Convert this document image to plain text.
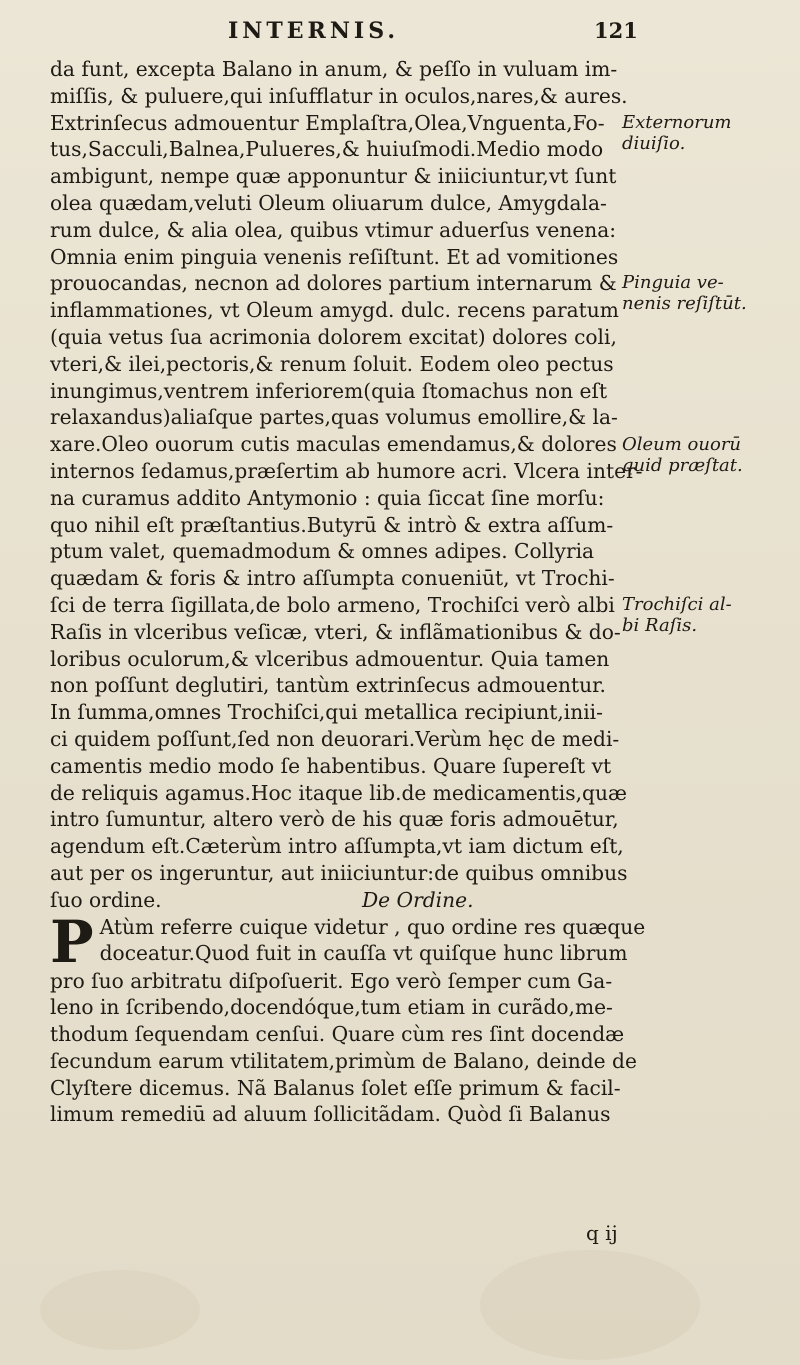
INTERNIS.	121
da funt, excepta Balano in anum, & peſſo in vuluam im-
miſſis, & puluere,qui inſufflatur in oculos,nares,& aures.
Extrinſecus admouentur Emplaſtra,Olea,Vnguenta,Fo-
tus,Sacculi,Balnea,Pulueres,& huiuſmodi.Medio modo
ambigunt, nempe quæ apponuntur & iniiciuntur,vt ſunt
olea quædam,veluti Oleum oliuarum dulce, Amygdala-
rum dulce, & alia olea, quibus vtimur aduerſus venena:
Omnia enim pinguia venenis reſiſtunt. Et ad vomitiones
prouocandas, necnon ad dolores partium internarum &
inflammationes, vt Oleum amygd. dulc. recens paratum
(quia vetus ſua acrimonia dolorem excitat) dolores coli,
vteri,& ilei,pectoris,& renum ſoluit. Eodem oleo pectus
inungimus,ventrem inferiorem(quia ſtomachus non eſt
relaxandus)aliaſque partes,quas volumus emollire,& la-
xare.Oleo ouorum cutis maculas emendamus,& dolores
internos ſedamus,præſertim ab humore acri. Vlcera inter-
na curamus addito Antymonio : quia ſiccat ſine morſu:
quo nihil eſt præſtantius.Butyrū & intrò & extra aſſum-
ptum valet, quemadmodum & omnes adipes. Collyria
quædam & foris & intro aſſumpta conueniūt, vt Trochi-
ſci de terra ſigillata,de bolo armeno, Trochiſci verò albi
Raſis in vlceribus veſicæ, vteri, & inflãmationibus & do-
loribus oculorum,& vlceribus admouentur. Quia tamen
non poſſunt deglutiri, tantùm extrinſecus admouentur.
In ſumma,omnes Trochiſci,qui metallica recipiunt,inii-
ci quidem poſſunt,ſed non deuorari.Verùm hęc de medi-
camentis medio modo ſe habentibus. Quare ſupereſt vt
de reliquis agamus.Hoc itaque lib.de medicamentis,quæ
intro ſumuntur, altero verò de his quæ foris admouētur,
agendum eſt.Cæterùm intro aſſumpta,vt iam dictum eſt,
aut per os ingeruntur, aut iniiciuntur:de quibus omnibus
ſuo ordine.	De Ordine.
P Atùm referre cuique videtur , quo ordine res quæque
doceatur.Quod fuit in cauſſa vt quiſque hunc librum
pro ſuo arbitratu diſpoſuerit. Ego verò ſemper cum Ga-
leno in ſcribendo,docendóque,tum etiam in curãdo,me-
thodum ſequendam cenſui. Quare cùm res ſint docendæ
ſecundum earum vtilitatem,primùm de Balano, deinde de
Clyſtere dicemus. Nã Balanus ſolet eſſe primum & facil-
limum remediū ad aluum ſollicitãdam. Quòd ſi Balanus
Externorum
diuiſio.
Pinguia ve-
nenis reſiſtūt.
Oleum ouorū
quid præſtat.
Trochiſci al-
bi Raſis.
q ij
